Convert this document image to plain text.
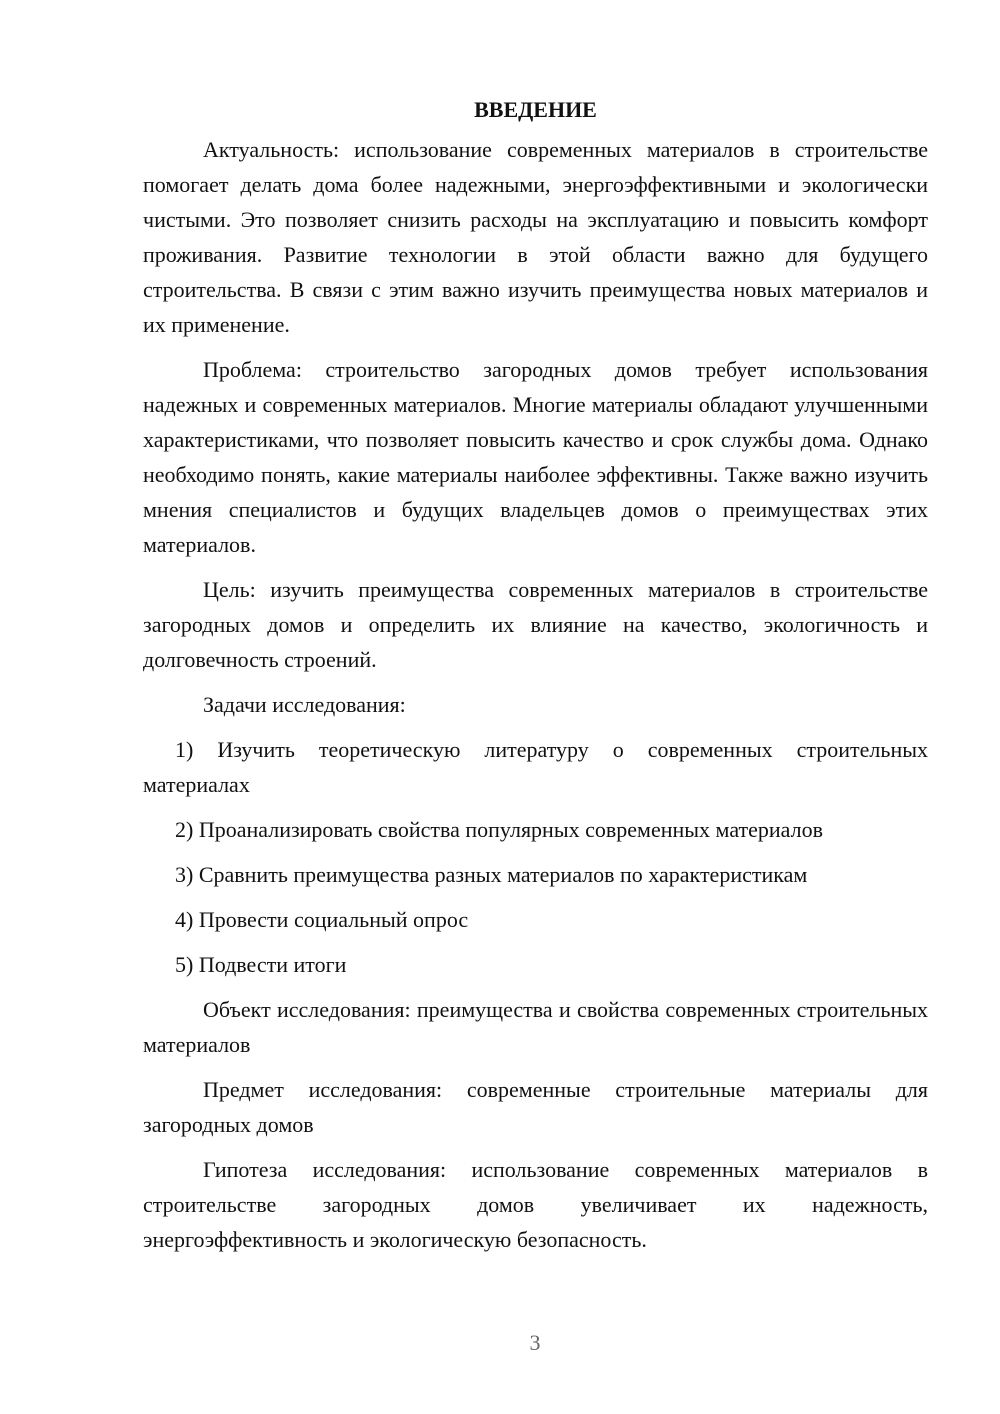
ВВЕДЕНИЕ

Актуальность: использование современных материалов в строительстве помогает делать дома более надежными, энергоэффективными и экологически чистыми. Это позволяет снизить расходы на эксплуатацию и повысить комфорт проживания. Развитие технологии в этой области важно для будущего строительства. В связи с этим важно изучить преимущества новых материалов и их применение.

Проблема: строительство загородных домов требует использования надежных и современных материалов. Многие материалы обладают улучшенными характеристиками, что позволяет повысить качество и срок службы дома. Однако необходимо понять, какие материалы наиболее эффективны. Также важно изучить мнения специалистов и будущих владельцев домов о преимуществах этих материалов.

Цель: изучить преимущества современных материалов в строительстве загородных домов и определить их влияние на качество, экологичность и долговечность строений.

Задачи исследования:

1) Изучить теоретическую литературу о современных строительных материалах

2) Проанализировать свойства популярных современных материалов

3) Сравнить преимущества разных материалов по характеристикам

4) Провести социальный опрос

5) Подвести итоги

Объект исследования: преимущества и свойства современных строительных материалов

Предмет исследования: современные строительные материалы для загородных домов

Гипотеза исследования: использование современных материалов в строительстве загородных домов увеличивает их надежность, энергоэффективность и экологическую безопасность.

3
